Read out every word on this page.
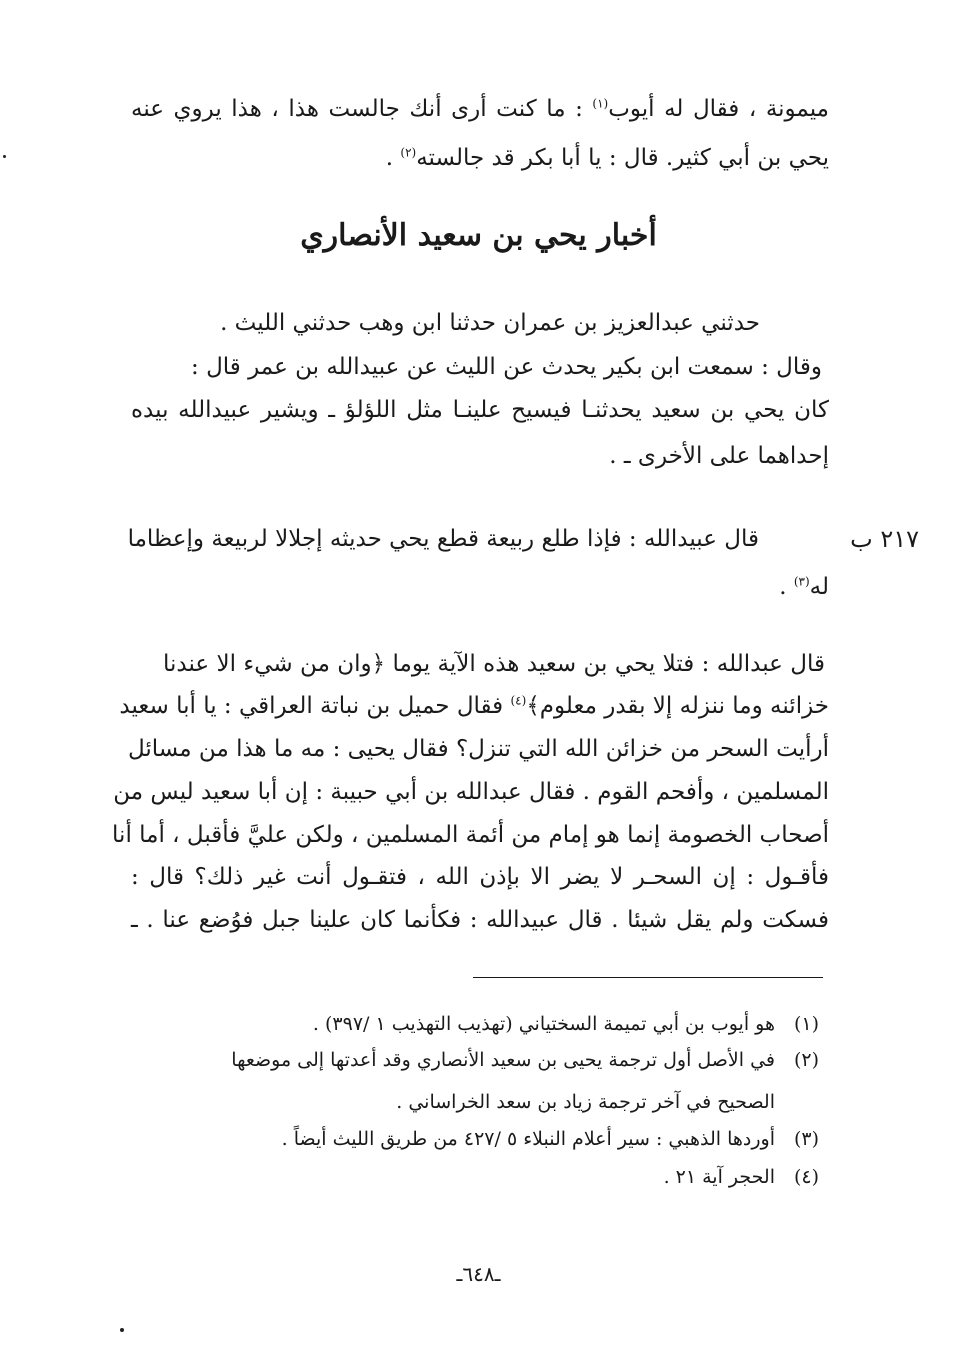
ميمونة ، فقال له أيوب$^{(١)}$ : ما كنت أرى أنك جالست هذا ، هذا يروي عنه
يحي بن أبي كثير. قال : يا أبا بكر قد جالسته$^{(٢)}$ .
أخبار يحي بن سعيد الأنصاري
حدثني عبدالعزيز بن عمران حدثنا ابن وهب حدثني الليث .
وقال : سمعت ابن بكير يحدث عن الليث عن عبيدالله بن عمر قال :
كان يحي بن سعيد يحدثنـا فيسيح علينـا مثل اللؤلؤ ـ ويشير عبيدالله بيده
إحداهما على الأخرى ـ .
٢١٧ ب
قال عبيدالله : فإذا طلع ربيعة قطع يحي حديثه إجلالا لربيعة وإعظاما
له$^{(٣)}$ .
قال عبدالله : فتلا يحي بن سعيد هذه الآية يوما ﴿وان من شيء الا عندنا
خزائنه وما ننزله إلا بقدر معلوم﴾$^{(٤)}$ فقال حميل بن نباتة العراقي : يا أبا سعيد
أرأيت السحر من خزائن الله التي تنزل؟ فقال يحيى : مه ما هذا من مسائل
المسلمين ، وأفحم القوم . فقال عبدالله بن أبي حبيبة : إن أبا سعيد ليس من
أصحاب الخصومة إنما هو إمام من أئمة المسلمين ، ولكن عليَّ فأقبل ، أما أنا
فأقـول : إن السحـر لا يضر الا بإذن الله ، فتقـول أنت غير ذلك؟ قال :
فسكت ولم يقل شيئا . قال عبيدالله : فكأنما كان علينا جبل فوُضع عنا . ـ
(١)هو أيوب بن أبي تميمة السختياني (تهذيب التهذيب ١ /٣٩٧) .
(٢)في الأصل أول ترجمة يحيى بن سعيد الأنصاري وقد أعدتها إلى موضعها
الصحيح في آخر ترجمة زياد بن سعد الخراساني .
(٣)أوردها الذهبي : سير أعلام النبلاء ٥ /٤٢٧ من طريق الليث أيضاً .
(٤)الحجر آية ٢١ .
ـ٦٤٨ـ
